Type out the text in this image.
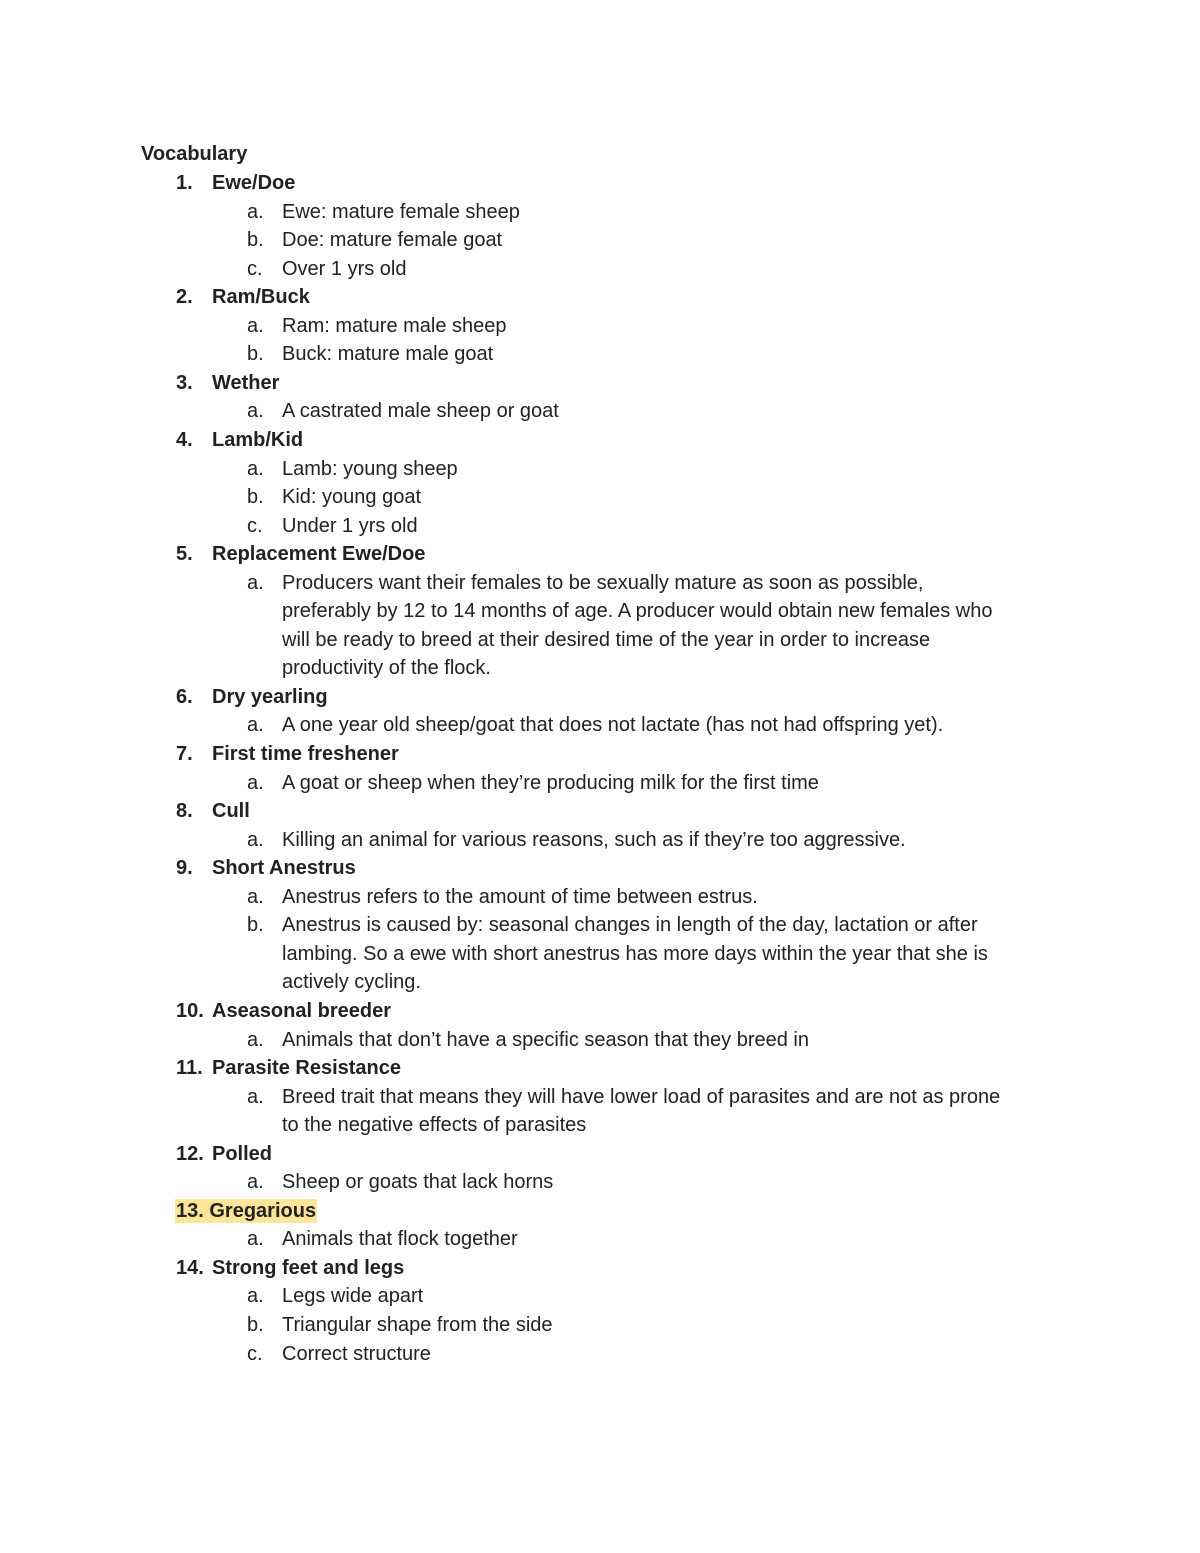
Vocabulary
1. Ewe/Doe
a. Ewe: mature female sheep
b. Doe: mature female goat
c. Over 1 yrs old
2. Ram/Buck
a. Ram: mature male sheep
b. Buck: mature male goat
3. Wether
a. A castrated male sheep or goat
4. Lamb/Kid
a. Lamb: young sheep
b. Kid: young goat
c. Under 1 yrs old
5. Replacement Ewe/Doe
a. Producers want their females to be sexually mature as soon as possible,
preferably by 12 to 14 months of age. A producer would obtain new females who
will be ready to breed at their desired time of the year in order to increase
productivity of the flock.
6. Dry yearling
a. A one year old sheep/goat that does not lactate (has not had offspring yet).
7. First time freshener
a. A goat or sheep when they’re producing milk for the first time
8. Cull
a. Killing an animal for various reasons, such as if they’re too aggressive.
9. Short Anestrus
a. Anestrus refers to the amount of time between estrus.
b. Anestrus is caused by: seasonal changes in length of the day, lactation or after
lambing. So a ewe with short anestrus has more days within the year that she is
actively cycling.
10. Aseasonal breeder
a. Animals that don’t have a specific season that they breed in
11. Parasite Resistance
a. Breed trait that means they will have lower load of parasites and are not as prone
to the negative effects of parasites
12. Polled
a. Sheep or goats that lack horns
13. Gregarious
a. Animals that flock together
14. Strong feet and legs
a. Legs wide apart
b. Triangular shape from the side
c. Correct structure
